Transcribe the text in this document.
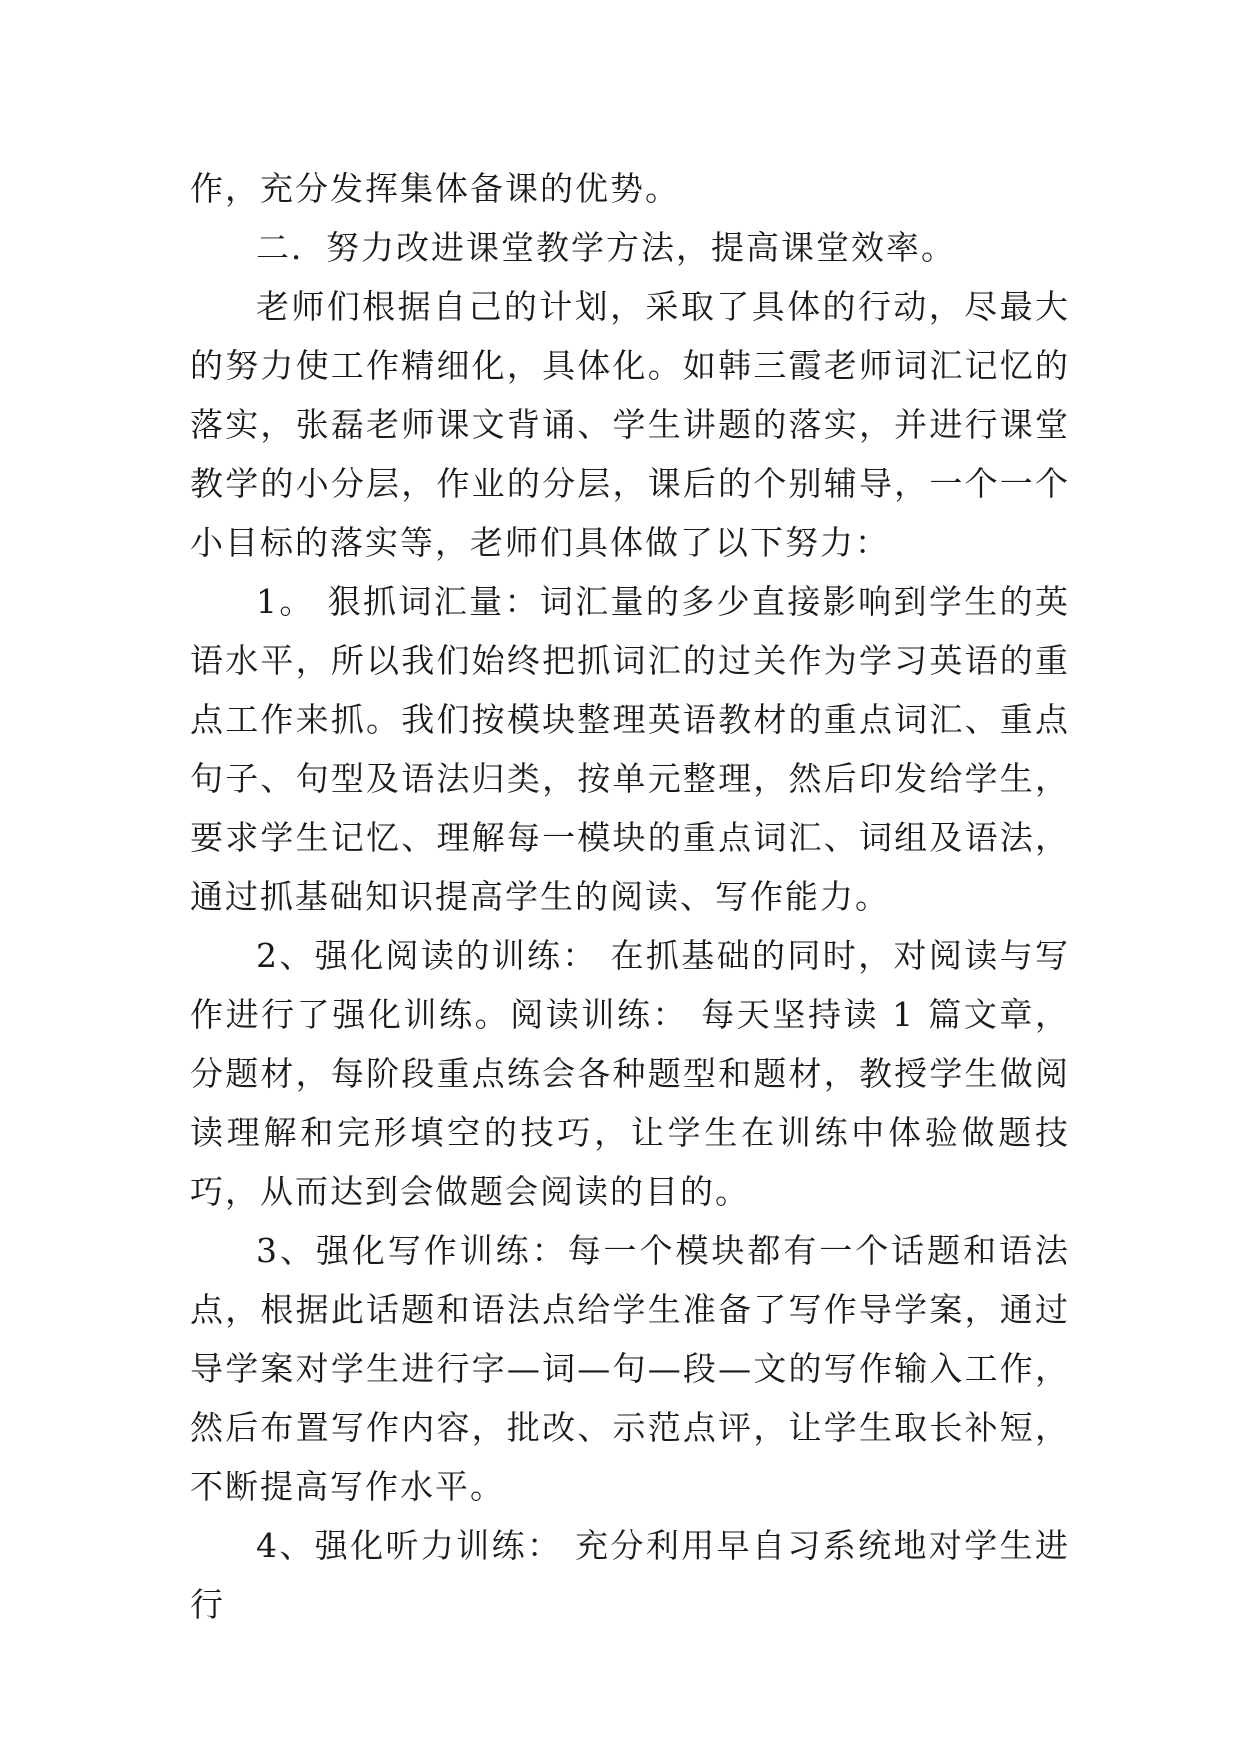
作，充分发挥集体备课的优势。

二．努力改进课堂教学方法，提高课堂效率。

老师们根据自己的计划，采取了具体的行动，尽最大的努力使工作精细化，具体化。如韩三霞老师词汇记忆的落实，张磊老师课文背诵、学生讲题的落实，并进行课堂教学的小分层，作业的分层，课后的个别辅导，一个一个小目标的落实等，老师们具体做了以下努力：

1。 狠抓词汇量：词汇量的多少直接影响到学生的英语水平，所以我们始终把抓词汇的过关作为学习英语的重点工作来抓。我们按模块整理英语教材的重点词汇、重点句子、句型及语法归类，按单元整理，然后印发给学生，要求学生记忆、理解每一模块的重点词汇、词组及语法，通过抓基础知识提高学生的阅读、写作能力。

2、强化阅读的训练： 在抓基础的同时，对阅读与写作进行了强化训练。阅读训练： 每天坚持读 1 篇文章，分题材，每阶段重点练会各种题型和题材，教授学生做阅读理解和完形填空的技巧，让学生在训练中体验做题技巧，从而达到会做题会阅读的目的。

3、强化写作训练：每一个模块都有一个话题和语法点，根据此话题和语法点给学生准备了写作导学案，通过导学案对学生进行字—词—句—段—文的写作输入工作，然后布置写作内容，批改、示范点评，让学生取长补短，不断提高写作水平。

4、强化听力训练： 充分利用早自习系统地对学生进行
